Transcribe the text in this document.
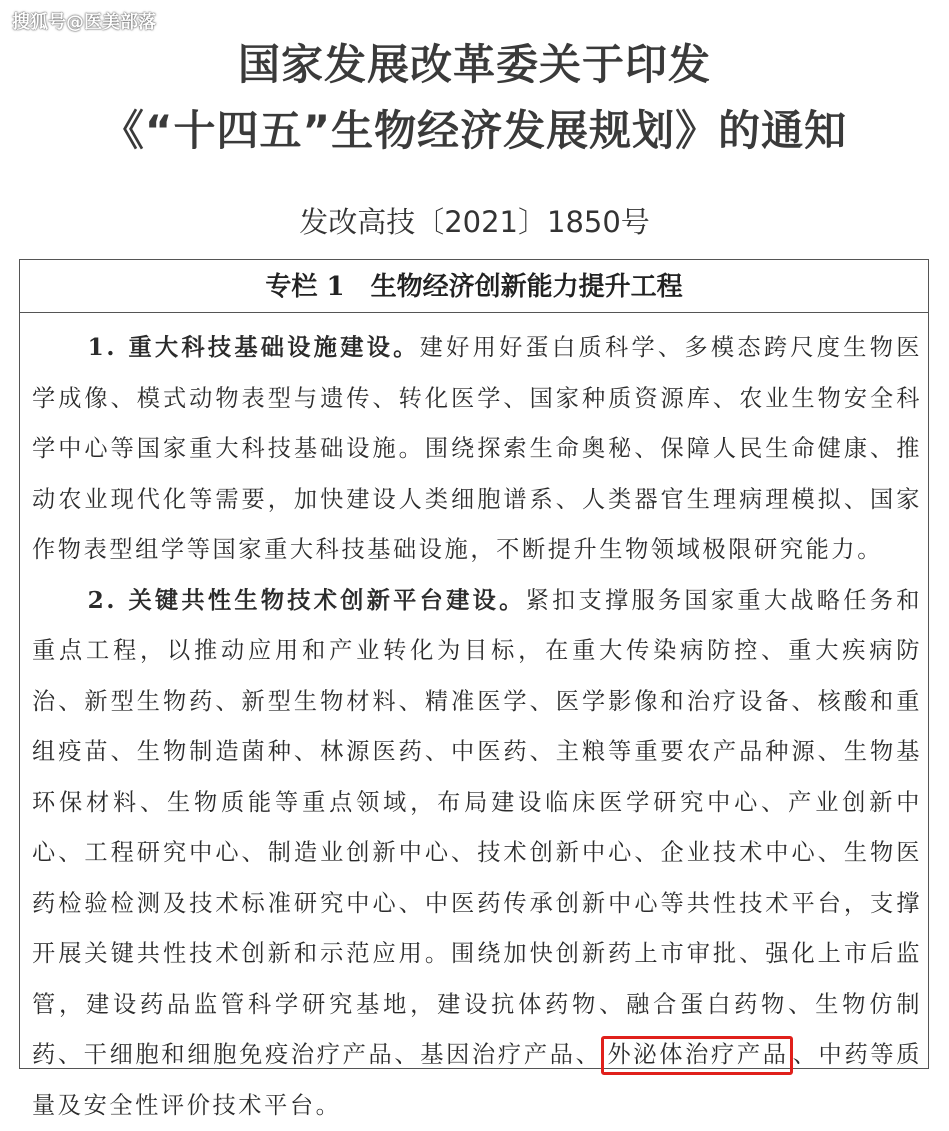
搜狐号@医美部落
国家发展改革委关于印发
《“十四五”生物经济发展规划》的通知
发改高技〔2021〕1850号
专栏 1　生物经济创新能力提升工程

1. 重大科技基础设施建设。建好用好蛋白质科学、多模态跨尺度生物医学成像、模式动物表型与遗传、转化医学、国家种质资源库、农业生物安全科学中心等国家重大科技基础设施。围绕探索生命奥秘、保障人民生命健康、推动农业现代化等需要，加快建设人类细胞谱系、人类器官生理病理模拟、国家作物表型组学等国家重大科技基础设施，不断提升生物领域极限研究能力。

2. 关键共性生物技术创新平台建设。紧扣支撑服务国家重大战略任务和重点工程，以推动应用和产业转化为目标，在重大传染病防控、重大疾病防治、新型生物药、新型生物材料、精准医学、医学影像和治疗设备、核酸和重组疫苗、生物制造菌种、林源医药、中医药、主粮等重要农产品种源、生物基环保材料、生物质能等重点领域，布局建设临床医学研究中心、产业创新中心、工程研究中心、制造业创新中心、技术创新中心、企业技术中心、生物医药检验检测及技术标准研究中心、中医药传承创新中心等共性技术平台，支撑开展关键共性技术创新和示范应用。围绕加快创新药上市审批、强化上市后监管，建设药品监管科学研究基地，建设抗体药物、融合蛋白药物、生物仿制药、干细胞和细胞免疫治疗产品、基因治疗产品、 外泌体治疗产品 、中药等质量及安全性评价技术平台。
